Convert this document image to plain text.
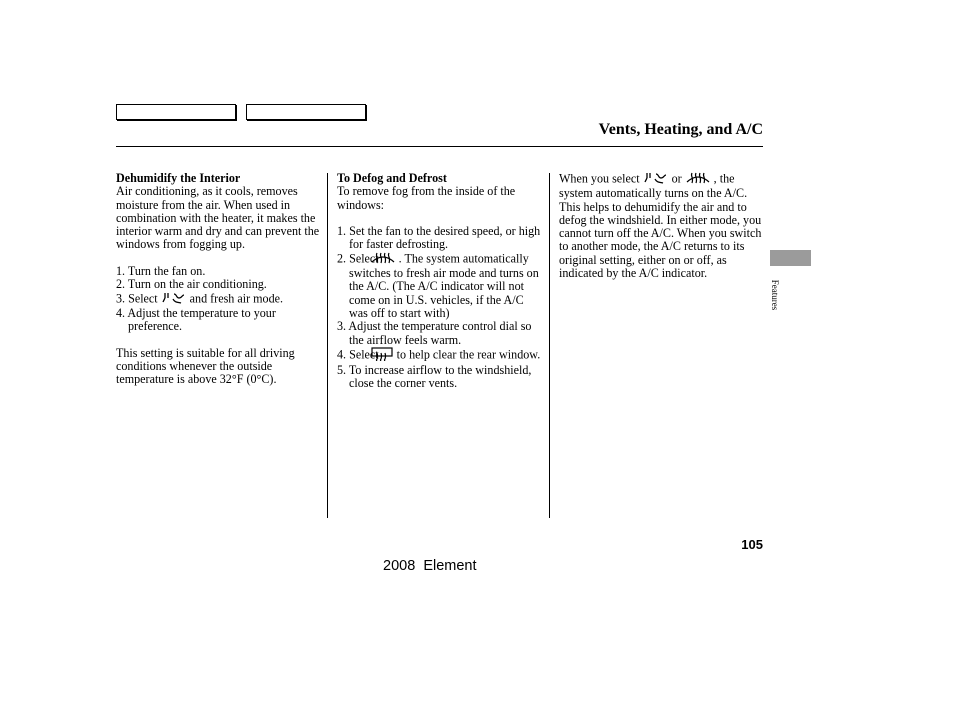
Vents, Heating, and A/C
Dehumidify the Interior

Air conditioning, as it cools, removes moisture from the air. When used in combination with the heater, it makes the interior warm and dry and can prevent the windows from fogging up.

1. Turn the fan on.

2. Turn on the air conditioning.

3. Select	and fresh air mode.

4. Adjust the temperature to your preference.

This setting is suitable for all driving conditions whenever the outside temperature is above 32°F (0°C).

To Defog and Defrost

To remove fog from the inside of the windows:

1. Set the fan to the desired speed, or high for faster defrosting.

2. Select . The system automatically switches to fresh air mode and turns on the A/C. (The A/C indicator will not come on in U.S. vehicles, if the A/C was off to start with)

3. Adjust the temperature control dial so the airflow feels warm.

4. Select to help clear the rear window.

5. To increase airflow to the windshield, close the corner vents.

When you select	or	, the system automatically turns on the A/C. This helps to dehumidify the air and to defog the windshield. In either mode, you cannot turn off the A/C. When you switch to another mode, the A/C returns to its original setting, either on or off, as indicated by the A/C indicator.

Features
105
2008  Element
